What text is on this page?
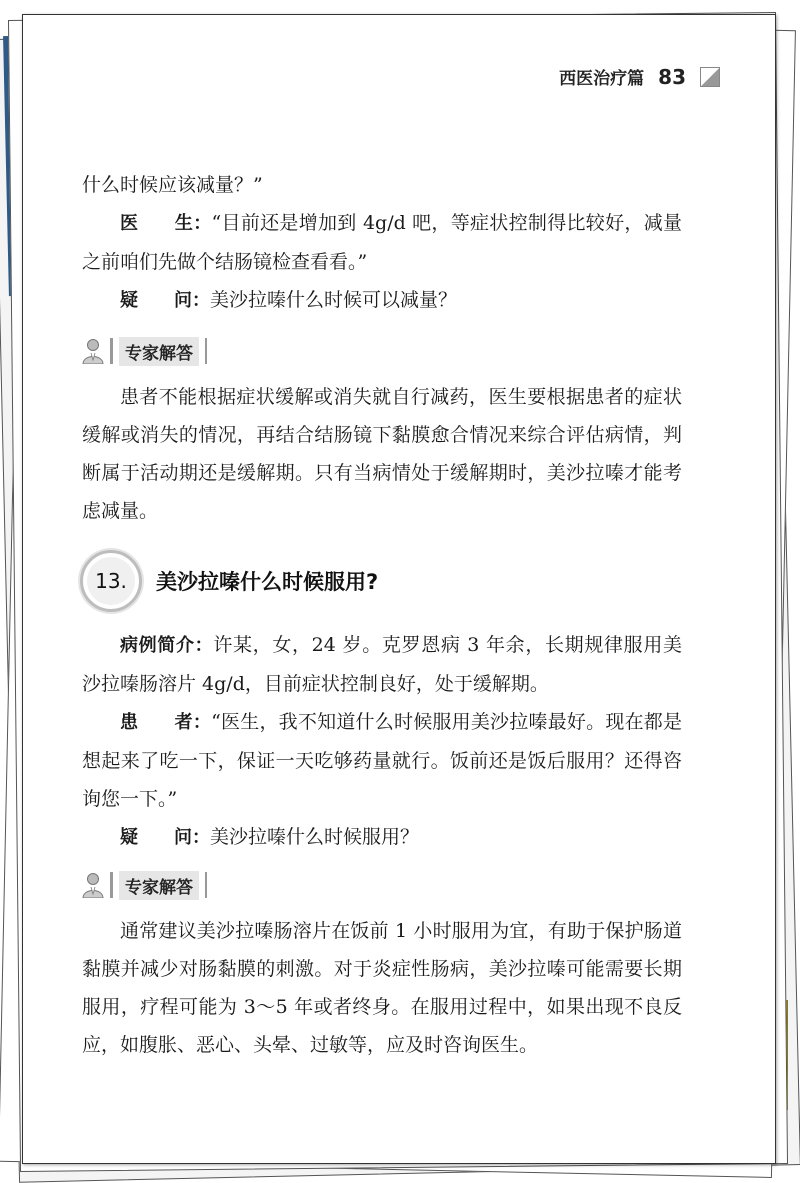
西医治疗篇 83

什么时候应该减量？”

医　　生：“目前还是增加到 4g/d 吧，等症状控制得比较好，减量之前咱们先做个结肠镜检查看看。”

疑　　问：美沙拉嗪什么时候可以减量？

专家解答

患者不能根据症状缓解或消失就自行减药，医生要根据患者的症状缓解或消失的情况，再结合结肠镜下黏膜愈合情况来综合评估病情，判断属于活动期还是缓解期。只有当病情处于缓解期时，美沙拉嗪才能考虑减量。

13. 美沙拉嗪什么时候服用?

病例简介：许某，女，24 岁。克罗恩病 3 年余，长期规律服用美沙拉嗪肠溶片 4g/d，目前症状控制良好，处于缓解期。

患　　者：“医生，我不知道什么时候服用美沙拉嗪最好。现在都是想起来了吃一下，保证一天吃够药量就行。饭前还是饭后服用？还得咨询您一下。”

疑　　问：美沙拉嗪什么时候服用？

专家解答

通常建议美沙拉嗪肠溶片在饭前 1 小时服用为宜，有助于保护肠道黏膜并减少对肠黏膜的刺激。对于炎症性肠病，美沙拉嗪可能需要长期服用，疗程可能为 3～5 年或者终身。在服用过程中，如果出现不良反应，如腹胀、恶心、头晕、过敏等，应及时咨询医生。
